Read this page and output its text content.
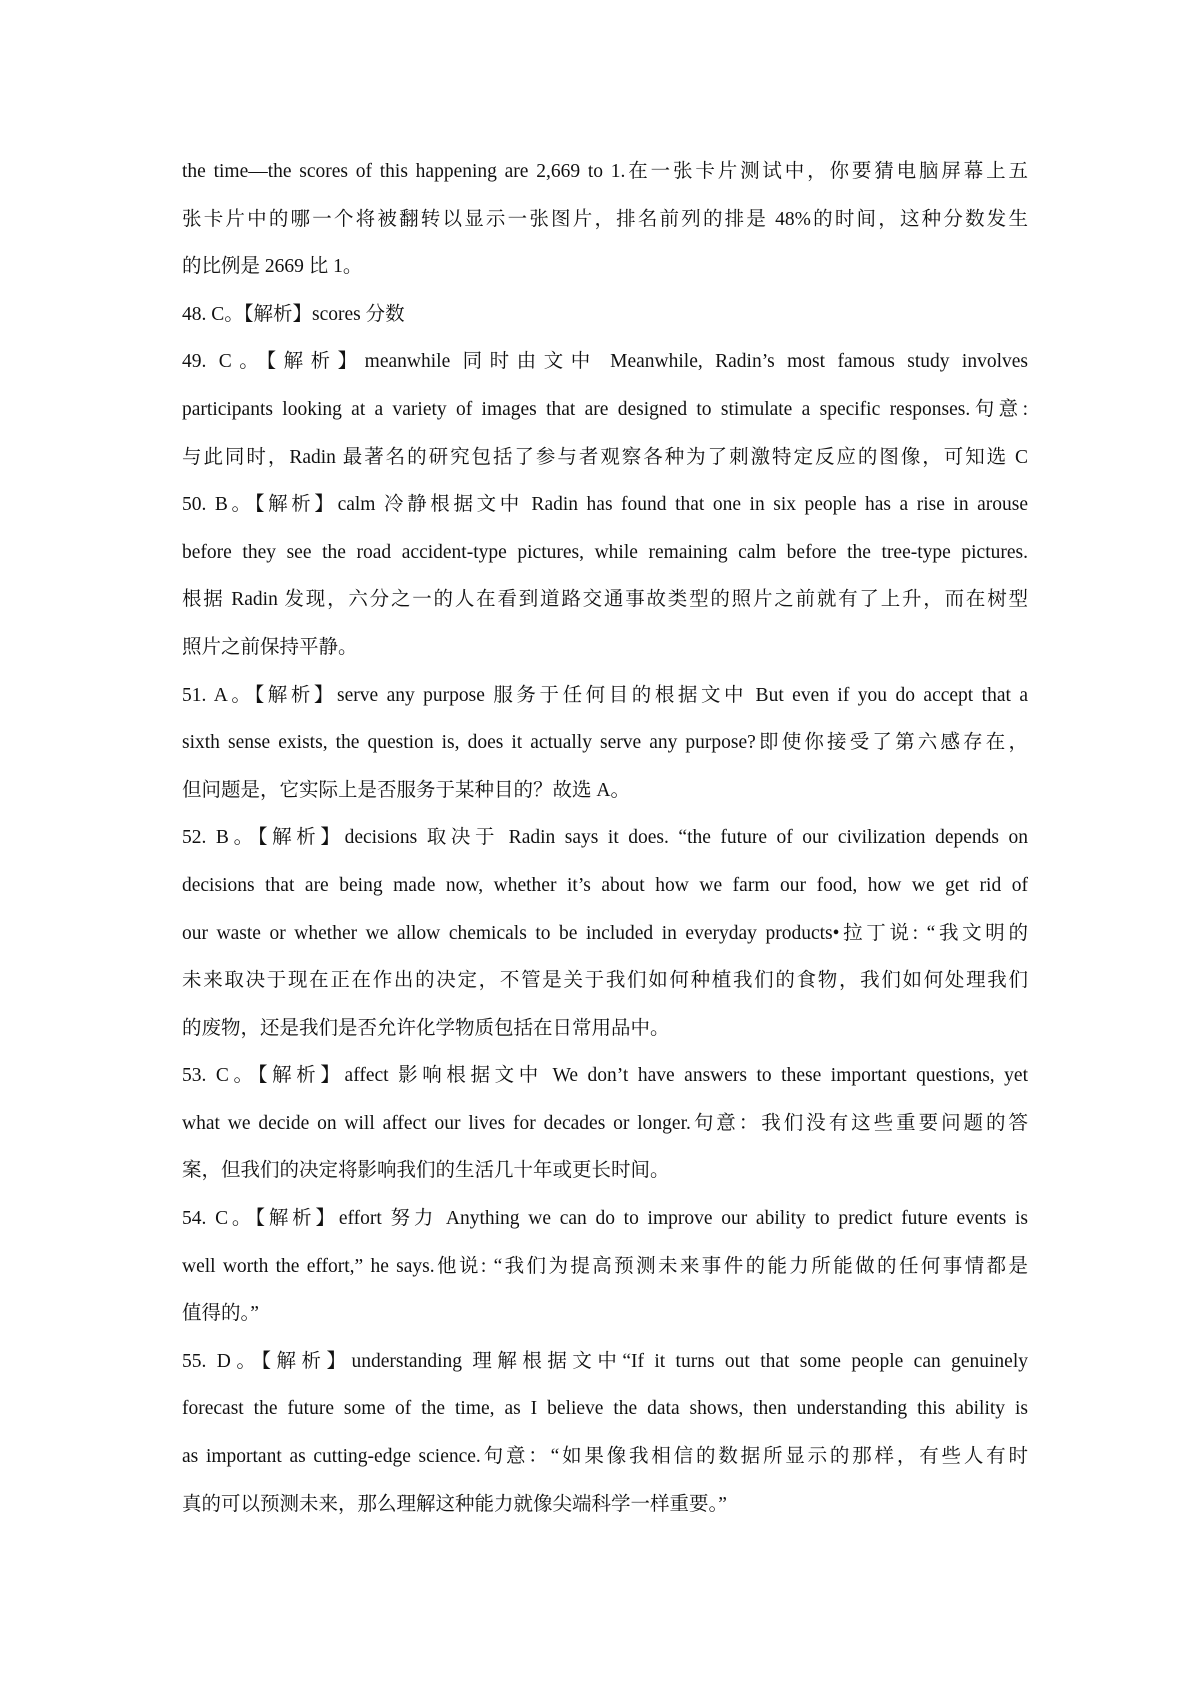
the time—the scores of this happening are 2,669 to 1.在一张卡片测试中，你要猜电脑屏幕上五
张卡片中的哪一个将被翻转以显示一张图片，排名前列的排是 48%的时间，这种分数发生
的比例是 2669 比 1。
48. C。【解析】scores 分数
49. C。【解析】meanwhile 同时由文中 Meanwhile, Radin’s most famous study involves
participants looking at a variety of images that are designed to stimulate a specific responses.句意:
与此同时，Radin 最著名的研究包括了参与者观察各种为了刺激特定反应的图像，可知选 C
50. B。【解析】calm 冷静根据文中 Radin has found that one in six people has a rise in arouse
before they see the road accident-type pictures, while remaining calm before the tree-type pictures.
根据 Radin 发现，六分之一的人在看到道路交通事故类型的照片之前就有了上升，而在树型
照片之前保持平静。
51. A。【解析】serve any purpose 服务于任何目的根据文中 But even if you do accept that a
sixth sense exists, the question is, does it actually serve any purpose?即使你接受了第六感存在，
但问题是，它实际上是否服务于某种目的？故选 A。
52. B。【解析】decisions 取决于 Radin says it does. “the future of our civilization depends on
decisions that are being made now, whether it’s about how we farm our food, how we get rid of
our waste or whether we allow chemicals to be included in everyday products•拉丁说: “我文明的
未来取决于现在正在作出的决定，不管是关于我们如何种植我们的食物，我们如何处理我们
的废物，还是我们是否允许化学物质包括在日常用品中。
53. C。【解析】affect 影响根据文中 We don’t have answers to these important questions, yet
what we decide on will affect our lives for decades or longer.句意：我们没有这些重要问题的答
案，但我们的决定将影响我们的生活几十年或更长时间。
54. C。【解析】effort 努力 Anything we can do to improve our ability to predict future events is
well worth the effort,” he says.他说: “我们为提高预测未来事件的能力所能做的任何事情都是
值得的。”
55. D。【解析】understanding 理解根据文中“If it turns out that some people can genuinely
forecast the future some of the time, as I believe the data shows, then understanding this ability is
as important as cutting-edge science.句意：“如果像我相信的数据所显示的那样，有些人有时
真的可以预测未来，那么理解这种能力就像尖端科学一样重要。”
